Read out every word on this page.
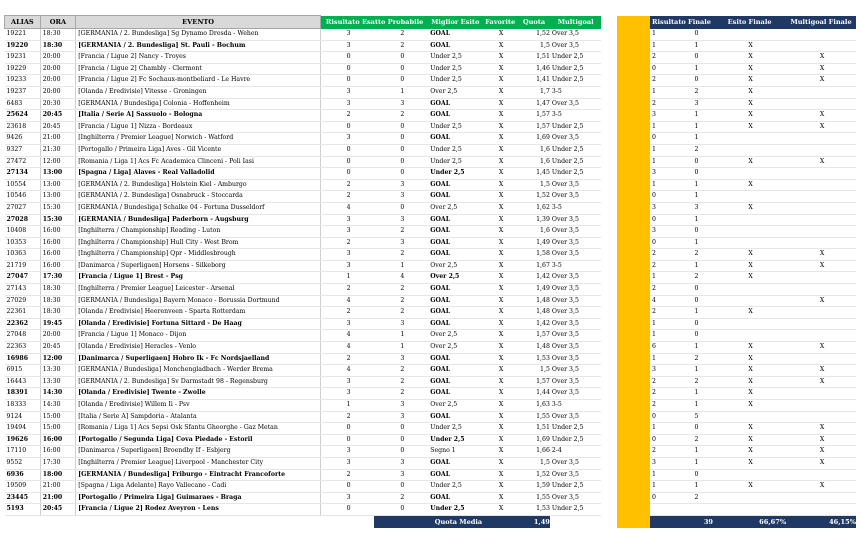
ALIAS	ORA	EVENTO	Risultato Esatto Probabile		Miglior Esito	Favorite	Quota	Multigoal			Risultato Finale		Esito Finale	Multigoal Finale
19221	18:30	[GERMANIA / 2. Bundesliga] Sg Dynamo Dresda - Wehen	3	2	GOAL	X	1,52	Over 3,5			1	0		
19220	18:30	[GERMANIA / 2. Bundesliga] St. Pauli - Bochum	3	2	GOAL	X	1,5	Over 3,5			1	1	X	
19231	20:00	[Francia / Ligue 2] Nancy - Troyes	0	0	Under 2,5	X	1,51	Under 2,5			2	0	X	X
19229	20:00	[Francia / Ligue 2] Chambly - Clermont	0	0	Under 2,5	X	1,46	Under 2,5			0	1	X	X
19233	20:00	[Francia / Ligue 2] Fc Sochaux-montbeliard - Le Havre	0	0	Under 2,5	X	1,41	Under 2,5			2	0	X	X
19237	20:00	[Olanda / Eredivisie] Vitesse - Groningen	3	1	Over 2,5	X	1,7	3-5			1	2	X	
6483	20:30	[GERMANIA / Bundesliga] Colonia - Hoffenheim	3	3	GOAL	X	1,47	Over 3,5			2	3	X	
25624	20:45	[Italia / Serie A] Sassuolo - Bologna	2	2	GOAL	X	1,57	3-5			3	1	X	X
23618	20:45	[Francia / Ligue 1] Nizza - Bordeaux	0	0	Under 2,5	X	1,57	Under 2,5			1	1	X	X
9426	21:00	[Inghilterra / Premier League] Norwich - Watford	3	0	GOAL	X	1,69	Over 3,5			0	1		
9327	21:30	[Portogallo / Primeira Liga] Aves - Gil Vicente	0	0	Under 2,5	X	1,6	Under 2,5			1	2		
27472	12:00	[Romania / Liga 1] Acs Fc Academica Clinceni - Poli Iasi	0	0	Under 2,5	X	1,6	Under 2,5			1	0	X	X
27134	13:00	[Spagna / Liga] Alaves - Real Valladolid	0	0	Under 2,5	X	1,45	Under 2,5			3	0		
10554	13:00	[GERMANIA / 2. Bundesliga] Holstein Kiel - Amburgo	2	3	GOAL	X	1,5	Over 3,5			1	1	X	
10546	13:00	[GERMANIA / 2. Bundesliga] Osnabruck - Stoccarda	2	3	GOAL	X	1,52	Over 3,5			0	1		
27027	15:30	[GERMANIA / Bundesliga] Schalke 04 - Fortuna Dusseldorf	4	0	Over 2,5	X	1,62	3-5			3	3	X	
27028	15:30	[GERMANIA / Bundesliga] Paderborn - Augsburg	3	3	GOAL	X	1,39	Over 3,5			0	1		
10408	16:00	[Inghilterra / Championship] Reading - Luton	3	2	GOAL	X	1,6	Over 3,5			3	0		
10353	16:00	[Inghilterra / Championship] Hull City - West Brom	2	3	GOAL	X	1,49	Over 3,5			0	1		
10363	16:00	[Inghilterra / Championship] Qpr - Middlesbrough	3	2	GOAL	X	1,58	Over 3,5			2	2	X	X
21719	16:00	[Danimarca / Superligaen] Horsens - Silkeborg	3	1	Over 2,5	X	1,67	3-5			2	1	X	X
27047	17:30	[Francia / Ligue 1] Brest - Psg	1	4	Over 2,5	X	1,42	Over 3,5			1	2	X	
27143	18:30	[Inghilterra / Premier League] Leicester - Arsenal	2	2	GOAL	X	1,49	Over 3,5			2	0		
27029	18:30	[GERMANIA / Bundesliga] Bayern Monaco - Borussia Dortmund	4	2	GOAL	X	1,48	Over 3,5			4	0		X
22361	18:30	[Olanda / Eredivisie] Heerenveen - Sparta Rotterdam	2	2	GOAL	X	1,48	Over 3,5			2	1	X	
22362	19:45	[Olanda / Eredivisie] Fortuna Sittard - De Haag	3	3	GOAL	X	1,42	Over 3,5			1	0		
27048	20:00	[Francia / Ligue 1] Monaco - Dijon	4	1	Over 2,5	X	1,57	Over 3,5			1	0		
22363	20:45	[Olanda / Eredivisie] Heracles - Venlo	4	1	Over 2,5	X	1,48	Over 3,5			6	1	X	X
16986	12:00	[Danimarca / Superligaen] Hobro Ik - Fc Nordsjaelland	2	3	GOAL	X	1,53	Over 3,5			1	2	X	
6915	13:30	[GERMANIA / Bundesliga] Monchengladbach - Werder Brema	4	2	GOAL	X	1,5	Over 3,5			3	1	X	X
16443	13:30	[GERMANIA / 2. Bundesliga] Sv Darmstadt 98 - Regensburg	3	2	GOAL	X	1,57	Over 3,5			2	2	X	X
18391	14:30	[Olanda / Eredivisie] Twente - Zwolle	3	2	GOAL	X	1,44	Over 3,5			2	1	X	
18333	14:30	[Olanda / Eredivisie] Willem Ii - Psv	1	3	Over 2,5	X	1,63	3-5			2	1	X	
9124	15:00	[Italia / Serie A] Sampdoria - Atalanta	2	3	GOAL	X	1,55	Over 3,5			0	5		
19494	15:00	[Romania / Liga 1] Acs Sepsi Osk Sfantu Gheorghe - Gaz Metan	0	0	Under 2,5	X	1,51	Under 2,5			1	0	X	X
19626	16:00	[Portogallo / Segunda Liga] Cova Piedade - Estoril	0	0	Under 2,5	X	1,69	Under 2,5			0	2	X	X
17110	16:00	[Danimarca / Superligaen] Broendby If - Esbjerg	3	0	Segno 1	X	1,66	2-4			2	1	X	X
9552	17:30	[Inghilterra / Premier League] Liverpool - Manchester City	3	3	GOAL	X	1,5	Over 3,5			3	1	X	X
6936	18:00	[GERMANIA / Bundesliga] Friburgo - Eintracht Francoforte	2	3	GOAL	X	1,52	Over 3,5			1	0		
19509	21:00	[Spagna / Liga Adelante] Rayo Vallecano - Cadi	0	0	Under 2,5	X	1,59	Under 2,5			1	1	X	X
23445	21:00	[Portogallo / Primeira Liga] Guimaraes - Braga	3	2	GOAL	X	1,55	Over 3,5			0	2		
5193	20:45	[Francia / Ligue 2] Rodez Aveyron - Lens	0	0	Under 2,5	X	1,53	Under 2,5						
				Quota Media		1,49					39		66,67%	46,15%
